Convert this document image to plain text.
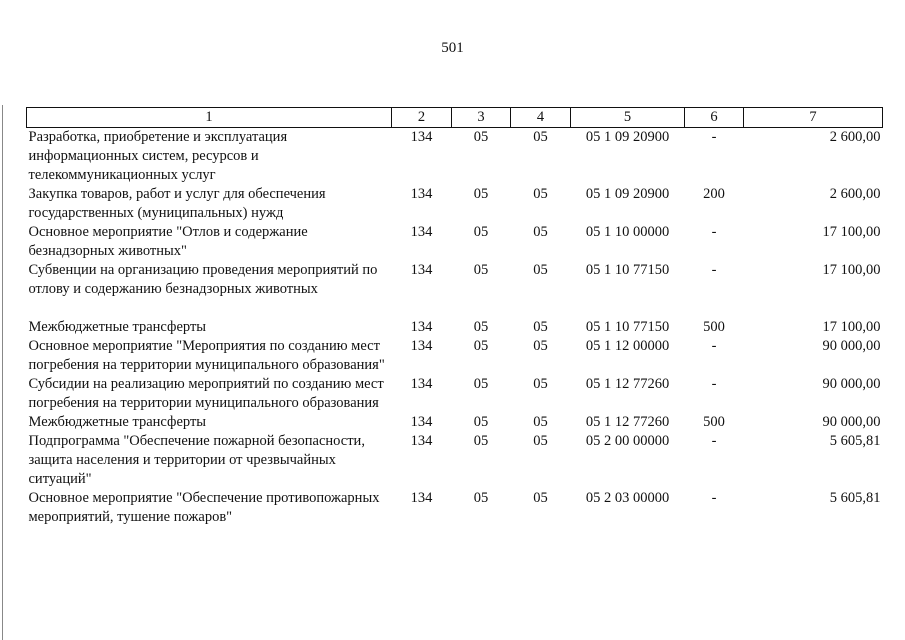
501
1	2	3	4	5	6	7
Разработка, приобретение и эксплуатация информационных систем, ресурсов и телекоммуникационных услуг	134	05	05	05 1 09 20900	-	2 600,00
Закупка товаров, работ и услуг для обеспечения государственных (муниципальных) нужд	134	05	05	05 1 09 20900	200	2 600,00
Основное мероприятие "Отлов и содержание безнадзорных животных"	134	05	05	05 1 10 00000	-	17 100,00
Субвенции на организацию проведения мероприятий по отлову и содержанию безнадзорных животных	134	05	05	05 1 10 77150	-	17 100,00
Межбюджетные трансферты	134	05	05	05 1 10 77150	500	17 100,00
Основное мероприятие "Мероприятия по созданию мест погребения на территории муниципального образования"	134	05	05	05 1 12 00000	-	90 000,00
Субсидии на реализацию мероприятий по созданию мест погребения на территории муниципального образования	134	05	05	05 1 12 77260	-	90 000,00
Межбюджетные трансферты	134	05	05	05 1 12 77260	500	90 000,00
Подпрограмма "Обеспечение пожарной безопасности, защита населения и территории от чрезвычайных ситуаций"	134	05	05	05 2 00 00000	-	5 605,81
Основное мероприятие "Обеспечение противопожарных мероприятий, тушение пожаров"	134	05	05	05 2 03 00000	-	5 605,81
